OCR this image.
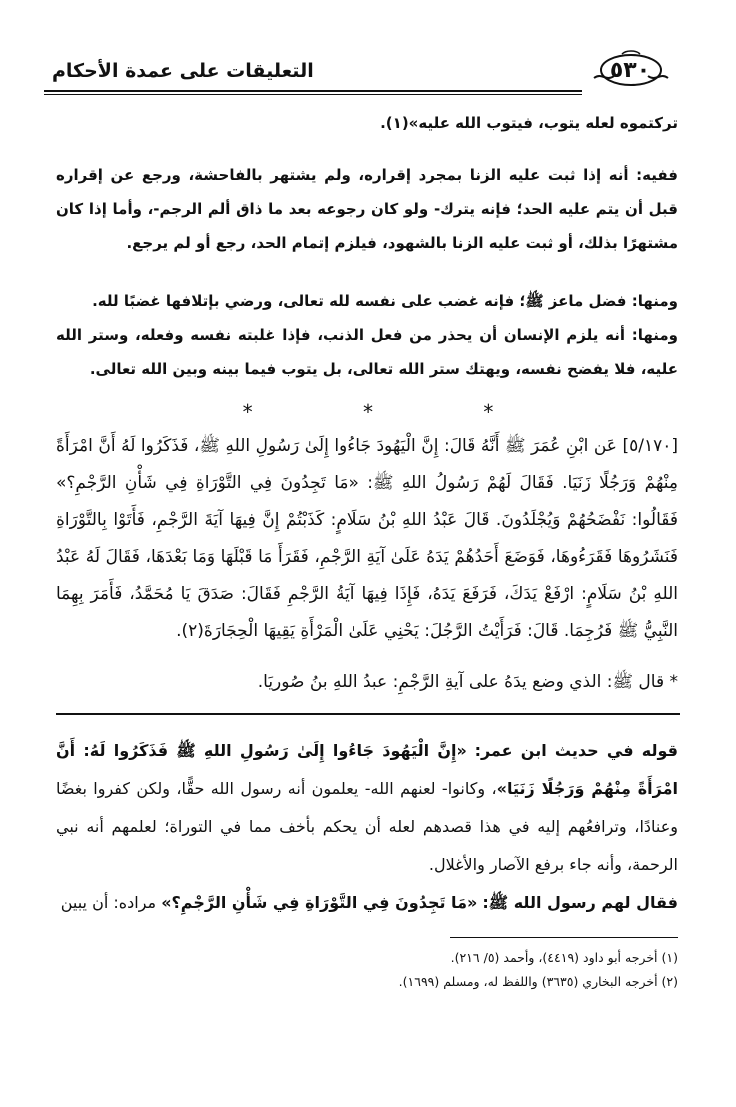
٥٣٠
التعليقات على عمدة الأحكام

تركتموه لعله يتوب، فيتوب الله عليه»(١).

ففيه: أنه إذا ثبت عليه الزنا بمجرد إقراره، ولم يشتهر بالفاحشة، ورجع عن إقراره قبل أن يتم عليه الحد؛ فإنه يترك- ولو كان رجوعه بعد ما ذاق ألم الرجم-، وأما إذا كان مشتهرًا بذلك، أو ثبت عليه الزنا بالشهود، فيلزم إتمام الحد، رجع أو لم يرجع.

ومنها: فضل ماعز ﷺ؛ فإنه غضب على نفسه لله تعالى، ورضي بإتلافها غضبًا لله.

ومنها: أنه يلزم الإنسان أن يحذر من فعل الذنب، فإذا غلبته نفسه وفعله، وستر الله عليه، فلا يفضح نفسه، ويهتك ستر الله تعالى، بل يتوب فيما بينه وبين الله تعالى.

* * *

[٥/١٧٠] عَن ابْنِ عُمَرَ ﷺ أَنَّهُ قَالَ: إِنَّ الْيَهُودَ جَاءُوا إِلَىٰ رَسُولِ اللهِ ﷺ، فَذَكَرُوا لَهُ أَنَّ امْرَأَةً مِنْهُمْ وَرَجُلًا زَنَيَا. فَقَالَ لَهُمْ رَسُولُ اللهِ ﷺ: «مَا تَجِدُونَ فِي التَّوْرَاةِ فِي شَأْنِ الرَّجْمِ؟» فَقَالُوا: نَفْضَحُهُمْ وَيُجْلَدُونَ. قَالَ عَبْدُ اللهِ بْنُ سَلَامٍ: كَذَبْتُمْ إِنَّ فِيهَا آيَةَ الرَّجْمِ، فَأَتَوْا بِالتَّوْرَاةِ فَنَشَرُوهَا فَقَرَءُوهَا، فَوَضَعَ أَحَدُهُمْ يَدَهُ عَلَىٰ آيَةِ الرَّجْمِ، فَقَرَأَ مَا قَبْلَهَا وَمَا بَعْدَهَا، فَقَالَ لَهُ عَبْدُ اللهِ بْنُ سَلَامٍ: ارْفَعْ يَدَكَ، فَرَفَعَ يَدَهُ، فَإِذَا فِيهَا آيَةُ الرَّجْمِ فَقَالَ: صَدَقَ يَا مُحَمَّدُ، فَأَمَرَ بِهِمَا النَّبِيُّ ﷺ فَرُجِمَا. قَالَ: فَرَأَيْتُ الرَّجُلَ: يَحْنِي عَلَىٰ الْمَرْأَةِ يَقِيهَا الْحِجَارَةَ(٢).

* قال ﷺ: الذي وضع يدَهُ على آيةِ الرَّجْمِ: عبدُ اللهِ بنُ صُوريَا.

قوله في حديث ابن عمر: «إِنَّ الْيَهُودَ جَاءُوا إِلَىٰ رَسُولِ اللهِ ﷺ فَذَكَرُوا لَهُ: أَنَّ امْرَأَةً مِنْهُمْ وَرَجُلًا زَنَيَا»، وكانوا- لعنهم الله- يعلمون أنه رسول الله حقًّا، ولكن كفروا بغضًا وعنادًا، وترافعُهم إليه في هذا قصدهم لعله أن يحكم بأخف مما في التوراة؛ لعلمهم أنه نبي الرحمة، وأنه جاء برفع الآصار والأغلال.

فقال لهم رسول الله ﷺ: «مَا تَجِدُونَ فِي التَّوْرَاةِ فِي شَأْنِ الرَّجْمِ؟» مراده: أن يبين

(١) أخرجه أبو داود (٤٤١٩)، وأحمد (٥/ ٢١٦).
(٢) أخرجه البخاري (٣٦٣٥) واللفظ له، ومسلم (١٦٩٩).
